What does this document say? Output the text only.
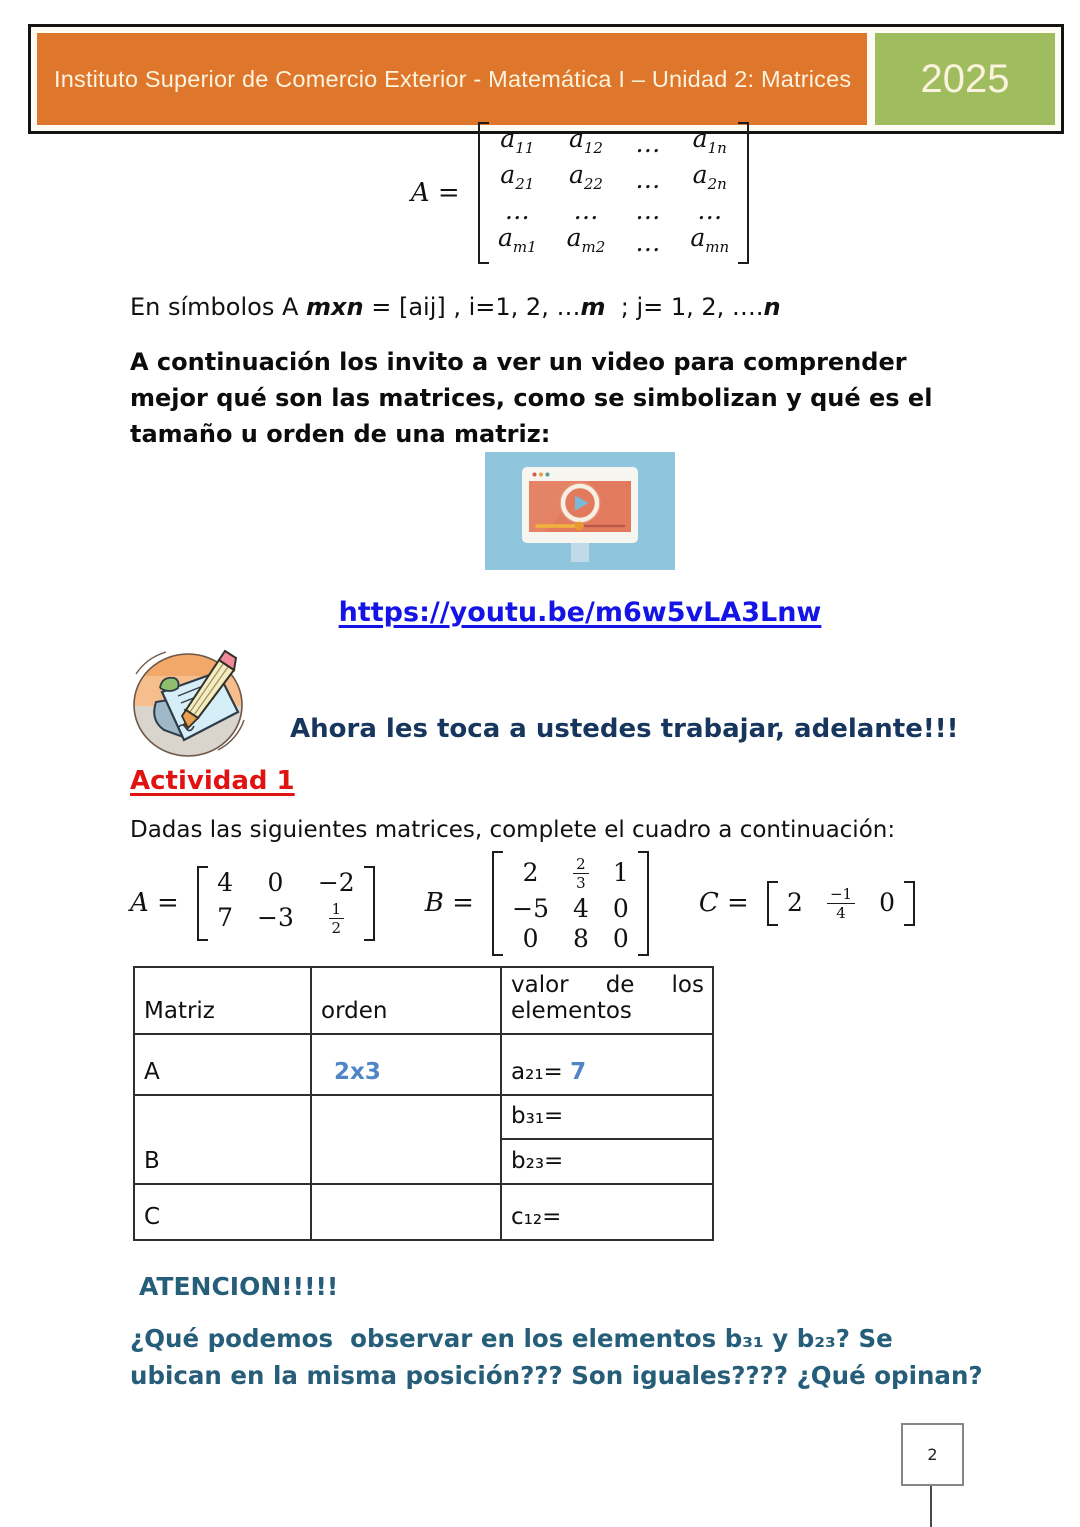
Instituto Superior de Comercio Exterior - Matemática I – Unidad 2: Matrices 2025
A =
$a_{11}$ $a_{12}$ … $a_{1n}$
$a_{21}$ $a_{22}$ … $a_{2n}$
… … … …
$a_{m1}$ $a_{m2}$ … $a_{mn}$
En símbolos A mxn = [aij] , i=1, 2, …m  ; j= 1, 2, ….n
A continuación los invito a ver un video para comprender mejor qué son las matrices, como se simbolizan y qué es el tamaño u orden de una matriz:
https://youtu.be/m6w5vLA3Lnw
Ahora les toca a ustedes trabajar, adelante!!!
Actividad 1
Dadas las siguientes matrices, complete el cuadro a continuación:
A =
4 0 −2
$7 -3 \frac{1}{2}$	B =
$2 \frac{2}{3} 1$
−5 4 0
0 8 0
$C = 2 \frac{-1}{4} 0$
Matriz	orden	valor de los
elementos
A	2x3	a₂₁= 7
B		b₃₁=
		b₂₃=
C		c₁₂=
ATENCION!!!!!
¿Qué podemos  observar en los elementos b₃₁ y b₂₃? Se ubican en la misma posición??? Son iguales???? ¿Qué opinan?
2
